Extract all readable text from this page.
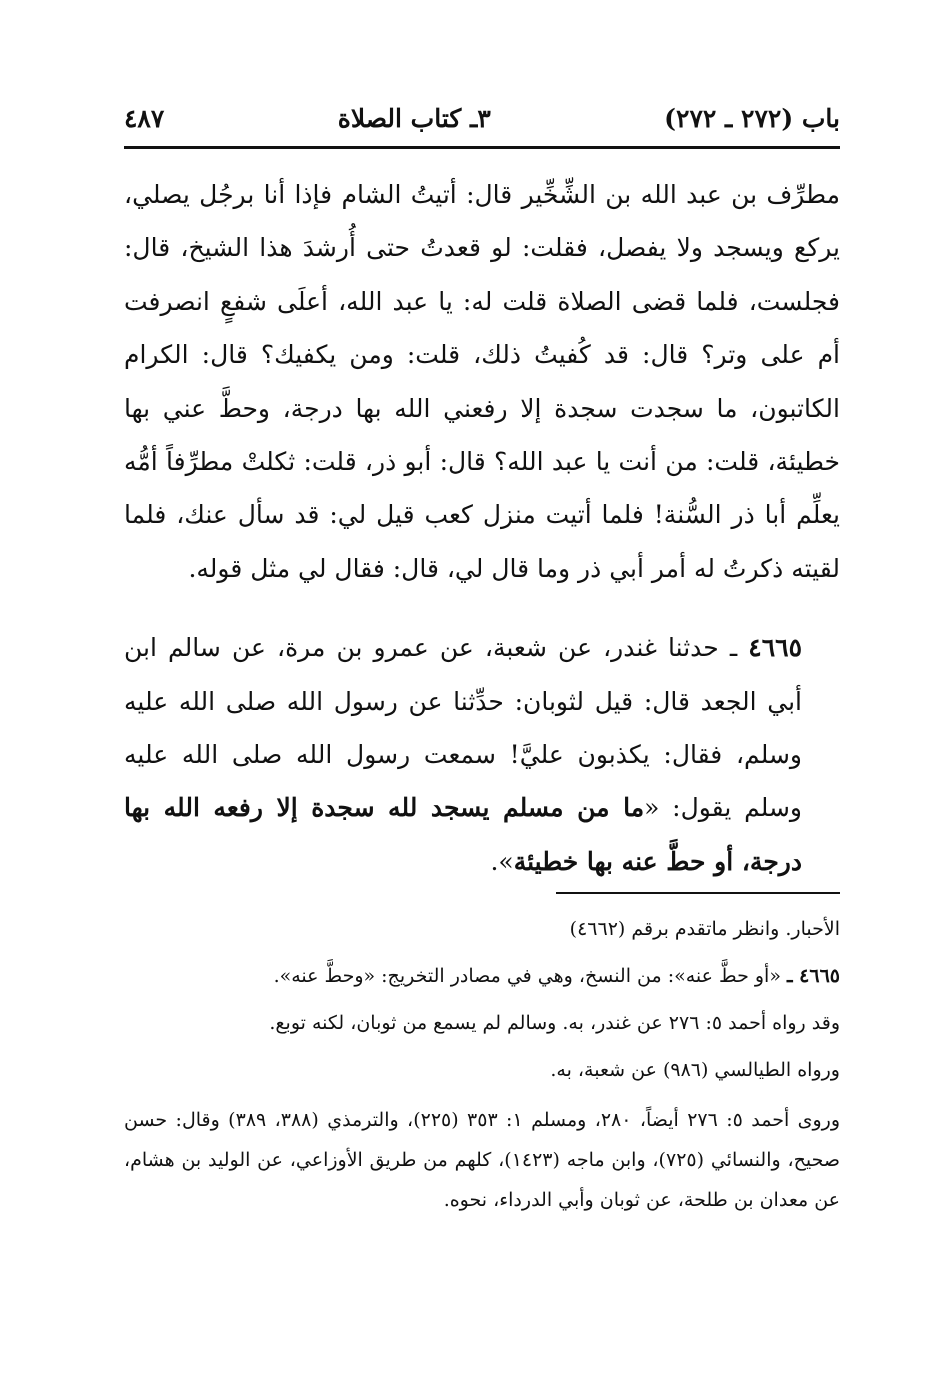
باب (٢٧٢ ـ ٢٧٢)
٣ـ كتاب الصلاة
٤٨٧

مطرِّف بن عبد الله بن الشِّخِّير قال: أتيتُ الشام فإذا أنا برجُل يصلي، يركع ويسجد ولا يفصل، فقلت: لو قعدتُ حتى أُرشدَ هذا الشيخ، قال: فجلست، فلما قضى الصلاة قلت له: يا عبد الله، أعلَى شفعٍ انصرفت أم على وتر؟ قال: قد كُفيتُ ذلك، قلت: ومن يكفيك؟ قال: الكرام الكاتبون، ما سجدت سجدة إلا رفعني الله بها درجة، وحطَّ عني بها خطيئة، قلت: من أنت يا عبد الله؟ قال: أبو ذر، قلت: ثكلتْ مطرِّفاً أمُّه يعلِّم أبا ذر السُّنة! فلما أتيت منزل كعب قيل لي: قد سأل عنك، فلما لقيته ذكرتُ له أمر أبي ذر وما قال لي، قال: فقال لي مثل قوله.

٤٦٦٥ ـ حدثنا غندر، عن شعبة، عن عمرو بن مرة، عن سالم ابن أبي الجعد قال: قيل لثوبان: حدِّثنا عن رسول الله صلى الله عليه وسلم، فقال: يكذبون عليَّ! سمعت رسول الله صلى الله عليه وسلم يقول: «ما من مسلم يسجد لله سجدة إلا رفعه الله بها درجة، أو حطَّ عنه بها خطيئة».

الأحبار. وانظر ماتقدم برقم (٤٦٦٢)

٤٦٦٥ ـ «أو حطَّ عنه»: من النسخ، وهي في مصادر التخريج: «وحطَّ عنه».

وقد رواه أحمد ٥: ٢٧٦ عن غندر، به. وسالم لم يسمع من ثوبان، لكنه توبع.

ورواه الطيالسي (٩٨٦) عن شعبة، به.

وروى أحمد ٥: ٢٧٦ أيضاً، ٢٨٠، ومسلم ١: ٣٥٣ (٢٢٥)، والترمذي (٣٨٨، ٣٨٩) وقال: حسن صحيح، والنسائي (٧٢٥)، وابن ماجه (١٤٢٣)، كلهم من طريق الأوزاعي، عن الوليد بن هشام، عن معدان بن طلحة، عن ثوبان وأبي الدرداء، نحوه.
